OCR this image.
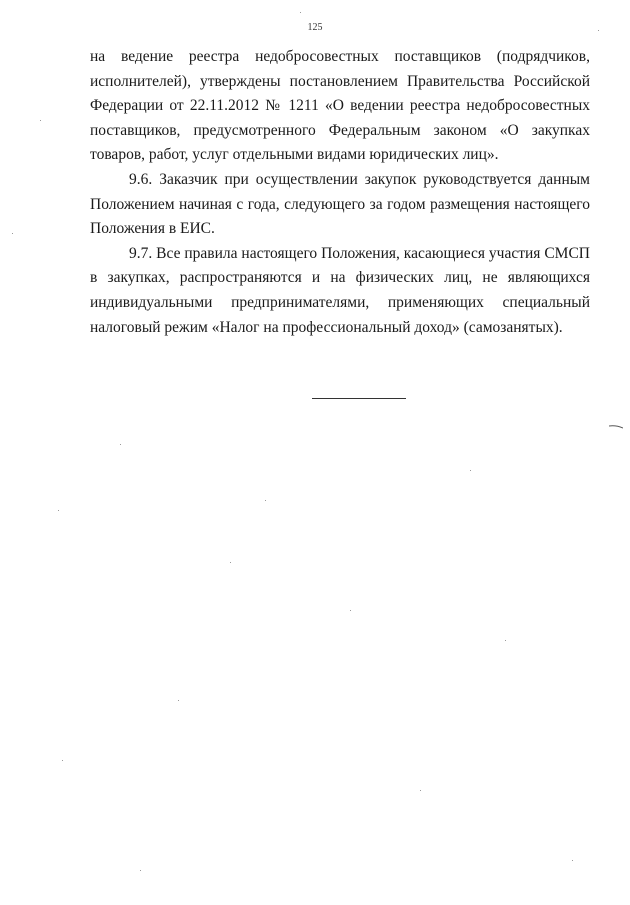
125

на ведение реестра недобросовестных поставщиков (подрядчиков, исполнителей), утверждены постановлением Правительства Российской Федерации от 22.11.2012 № 1211 «О ведении реестра недобросовестных поставщиков, предусмотренного Федеральным законом «О закупках товаров, работ, услуг отдельными видами юридических лиц».

9.6. Заказчик при осуществлении закупок руководствуется данным Положением начиная с года, следующего за годом размещения настоящего Положения в ЕИС.

9.7. Все правила настоящего Положения, касающиеся участия СМСП в закупках, распространяются и на физических лиц, не являющихся индивидуальными предпринимателями, применяющих специальный налоговый режим «Налог на профессиональный доход» (самозанятых).
